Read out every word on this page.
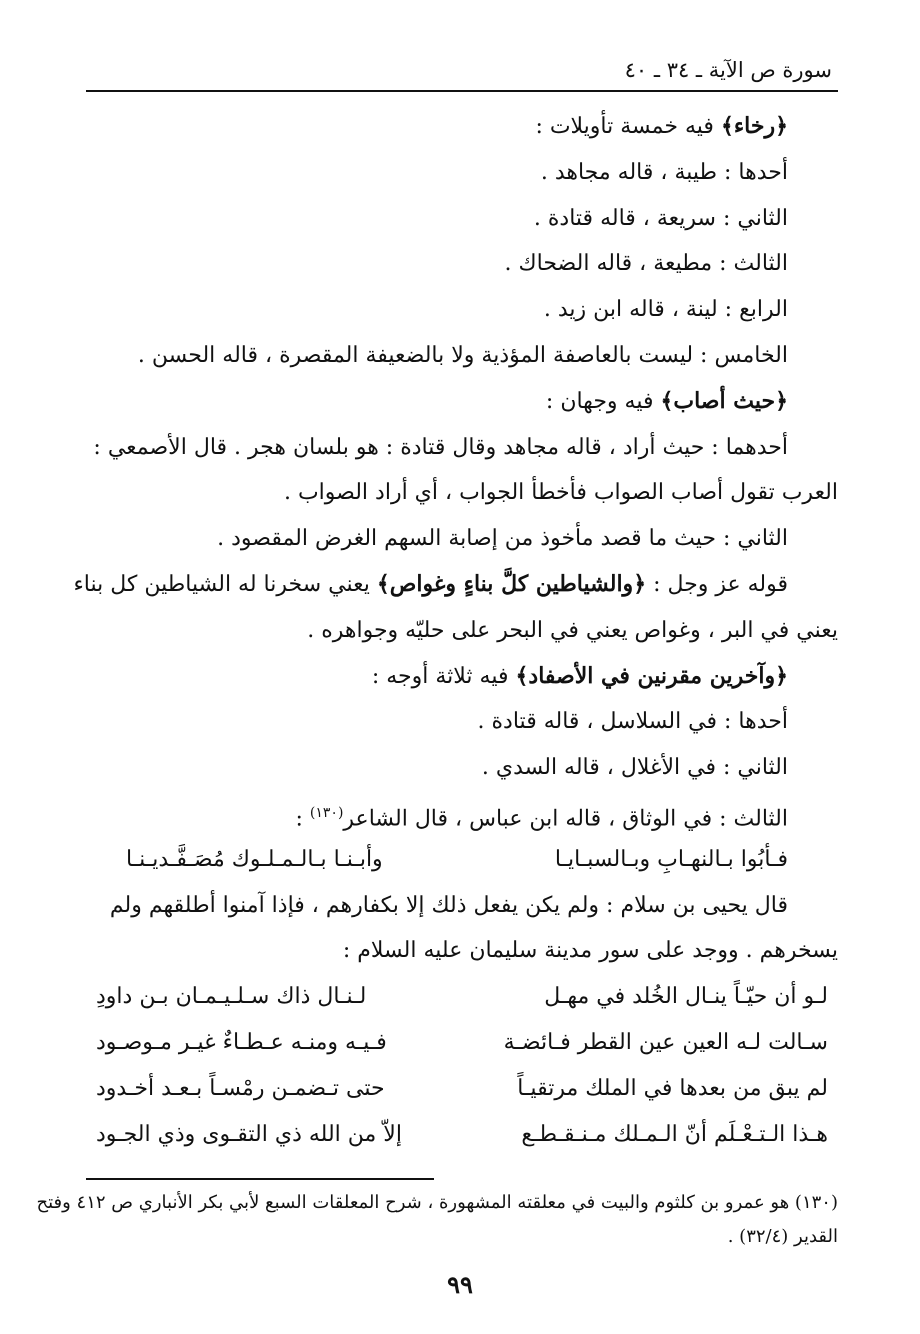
سورة ص الآية ـ ٣٤ ـ ٤٠
﴿رخاء﴾ فيه خمسة تأويلات :
أحدها : طيبة ، قاله مجاهد .
الثاني : سريعة ، قاله قتادة .
الثالث : مطيعة ، قاله الضحاك .
الرابع : لينة ، قاله ابن زيد .
الخامس : ليست بالعاصفة المؤذية ولا بالضعيفة المقصرة ، قاله الحسن .
﴿حيث أصاب﴾ فيه وجهان :
أحدهما : حيث أراد ، قاله مجاهد وقال قتادة : هو بلسان هجر . قال الأصمعي :
العرب تقول أصاب الصواب فأخطأ الجواب ، أي أراد الصواب .
الثاني : حيث ما قصد مأخوذ من إصابة السهم الغرض المقصود .
قوله عز وجل : ﴿والشياطين كلَّ بناءٍ وغواص﴾ يعني سخرنا له الشياطين كل بناء
يعني في البر ، وغواص يعني في البحر على حليّه وجواهره .
﴿وآخرين مقرنين في الأصفاد﴾ فيه ثلاثة أوجه :
أحدها : في السلاسل ، قاله قتادة .
الثاني : في الأغلال ، قاله السدي .
الثالث : في الوثاق ، قاله ابن عباس ، قال الشاعر$^{(١٣٠)}$ :
فـأبُوا بـالنهـابِ وبـالسبـايـا
وأبـنـا بـالـمـلـوك مُصَـفَّـديـنـا
قال يحيى بن سلام : ولم يكن يفعل ذلك إلا بكفارهم ، فإذا آمنوا أطلقهم ولم
يسخرهم . ووجد على سور مدينة سليمان عليه السلام :
لـو أن حيّـاً ينـال الخُلد في مهـل
لـنـال ذاك سـلـيـمـان بـن داودِ
سـالت لـه العين عين القطر فـائضـة
فـيـه ومنـه عـطـاءٌ غيـر مـوصـود
لم يبق من بعدها في الملك مرتقيـاً
حتى تـضمـن رمْسـاً بـعـد أخـدود
هـذا الـتـعْـلَم أنّ الـمـلك مـنـقـطـع
إلاّ من الله ذي التقـوى وذي الجـود
(١٣٠) هو عمرو بن كلثوم والبيت في معلقته المشهورة ، شرح المعلقات السبع لأبي بكر الأنباري ص ٤١٢ وفتح
القدير (٣٢/٤) .
٩٩
